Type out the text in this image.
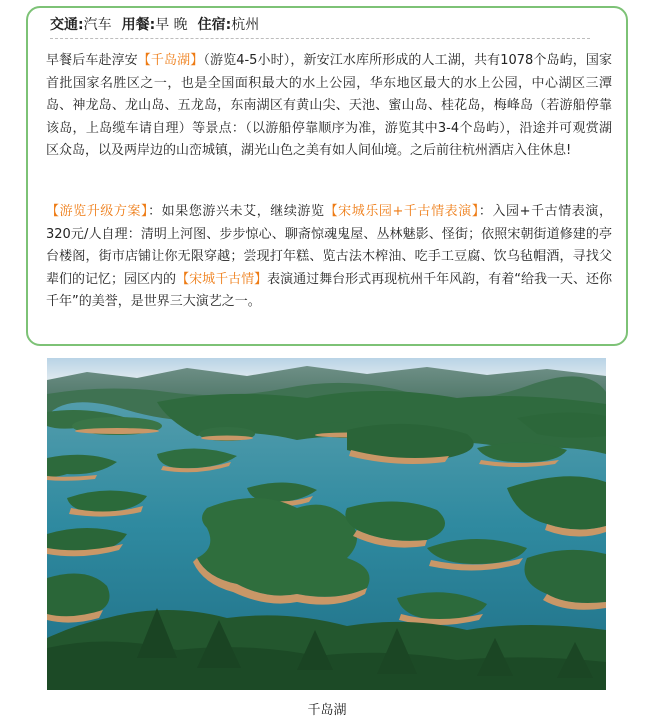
交通:汽车 用餐:早 晚 住宿:杭州

早餐后车赴淳安【千岛湖】（游览4-5小时），新安江水库所形成的人工湖，共有1078个岛屿，国家首批国家名胜区之一，也是全国面积最大的水上公园，华东地区最大的水上公园，中心湖区三潭岛、神龙岛、龙山岛、五龙岛，东南湖区有黄山尖、天池、蜜山岛、桂花岛，梅峰岛（若游船停靠该岛，上岛缆车请自理）等景点：（以游船停靠顺序为准，游览其中3-4个岛屿），沿途并可观赏湖区众岛，以及两岸边的山峦城镇，湖光山色之美有如人间仙境。之后前往杭州酒店入住休息!

【游览升级方案】：如果您游兴未艾，继续游览【宋城乐园+千古情表演】：入园+千古情表演，320元/人自理：清明上河图、步步惊心、聊斋惊魂鬼屋、丛林魅影、怪街；依照宋朝街道修建的亭台楼阁，街市店铺让你无限穿越；尝现打年糕、览古法木榨油、吃手工豆腐、饮乌毡帽酒，寻找父辈们的记忆；园区内的【宋城千古情】表演通过舞台形式再现杭州千年风韵，有着“给我一天、还你千年”的美誉，是世界三大演艺之一。

千岛湖
